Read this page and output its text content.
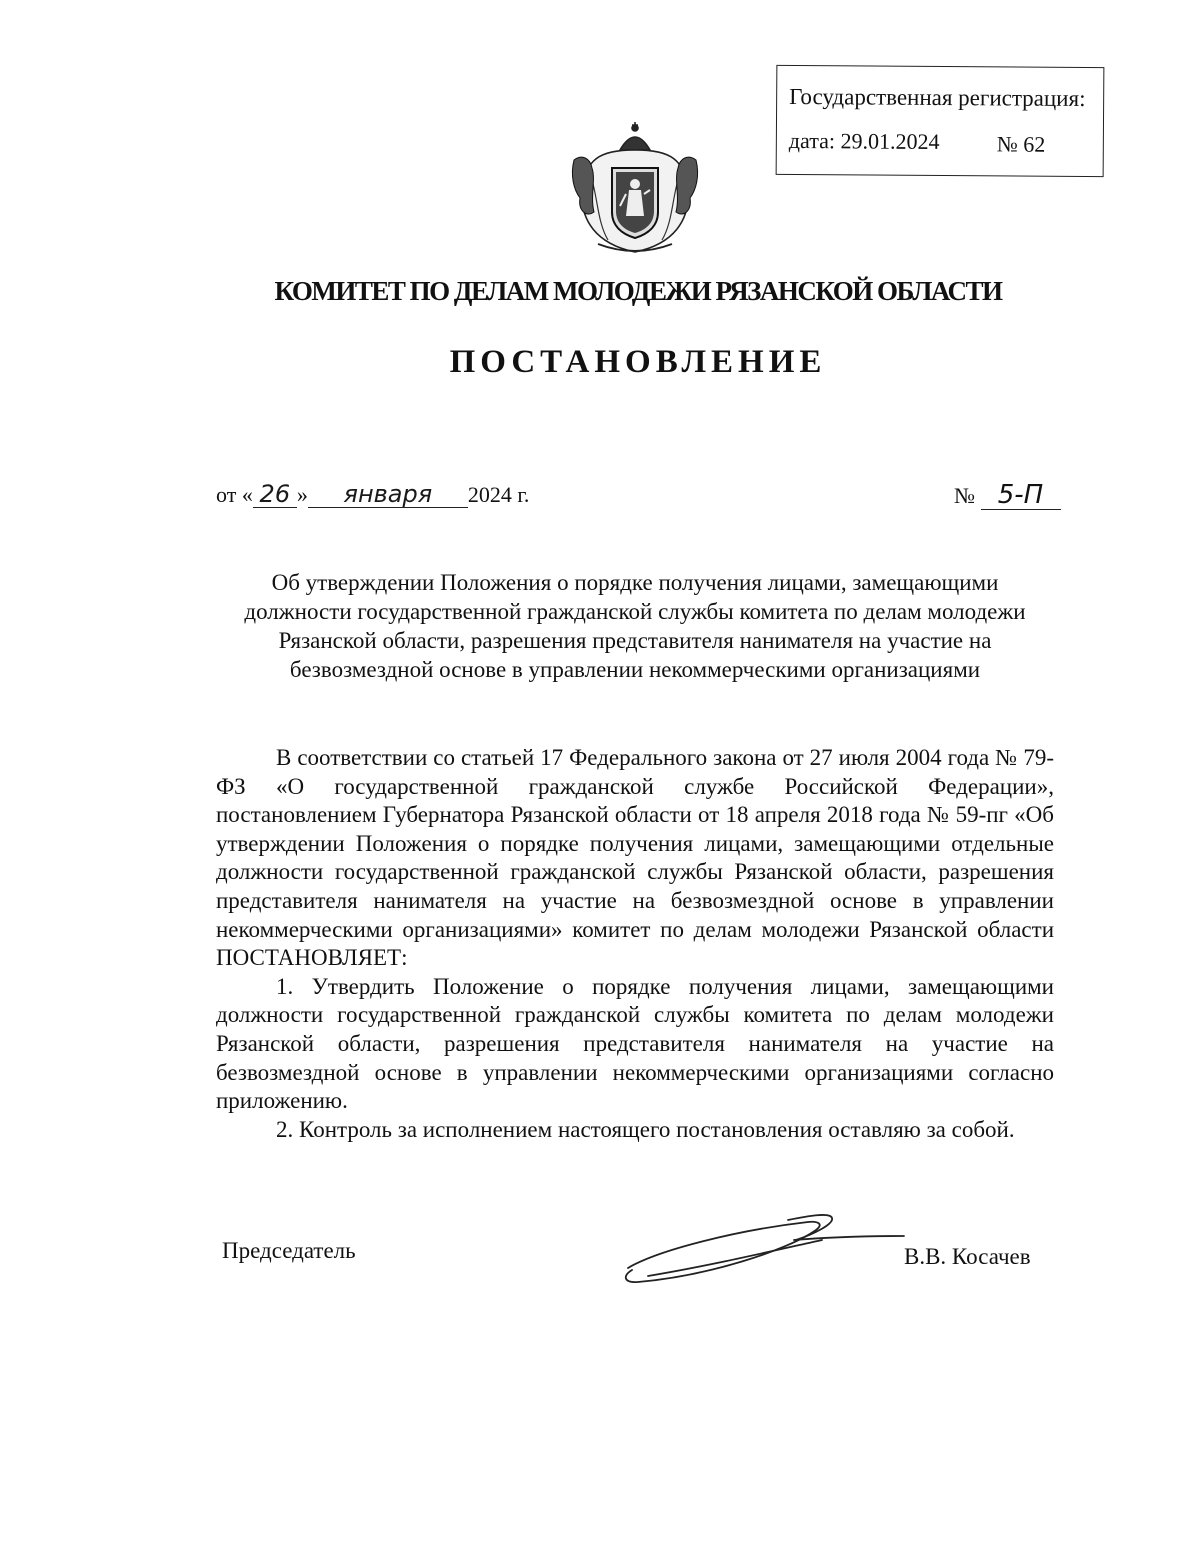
Государственная регистрация:
дата: 29.01.2024	№ 62
КОМИТЕТ ПО ДЕЛАМ МОЛОДЕЖИ РЯЗАНСКОЙ ОБЛАСТИ
ПОСТАНОВЛЕНИЕ
от « 26 » января 2024 г.	№ 5-П
Об утверждении Положения о порядке получения лицами, замещающими должности государственной гражданской службы комитета по делам молодежи Рязанской области, разрешения представителя нанимателя на участие на безвозмездной основе в управлении некоммерческими организациями

В соответствии со статьей 17 Федерального закона от 27 июля 2004 года № 79-ФЗ «О государственной гражданской службе Российской Федерации», постановлением Губернатора Рязанской области от 18 апреля 2018 года № 59-пг «Об утверждении Положения о порядке получения лицами, замещающими отдельные должности государственной гражданской службы Рязанской области, разрешения представителя нанимателя на участие на безвозмездной основе в управлении некоммерческими организациями» комитет по делам молодежи Рязанской области ПОСТАНОВЛЯЕТ:

1. Утвердить Положение о порядке получения лицами, замещающими должности государственной гражданской службы комитета по делам молодежи Рязанской области, разрешения представителя нанимателя на участие на безвозмездной основе в управлении некоммерческими организациями согласно приложению.

2. Контроль за исполнением настоящего постановления оставляю за собой.

Председатель	В.В. Косачев
